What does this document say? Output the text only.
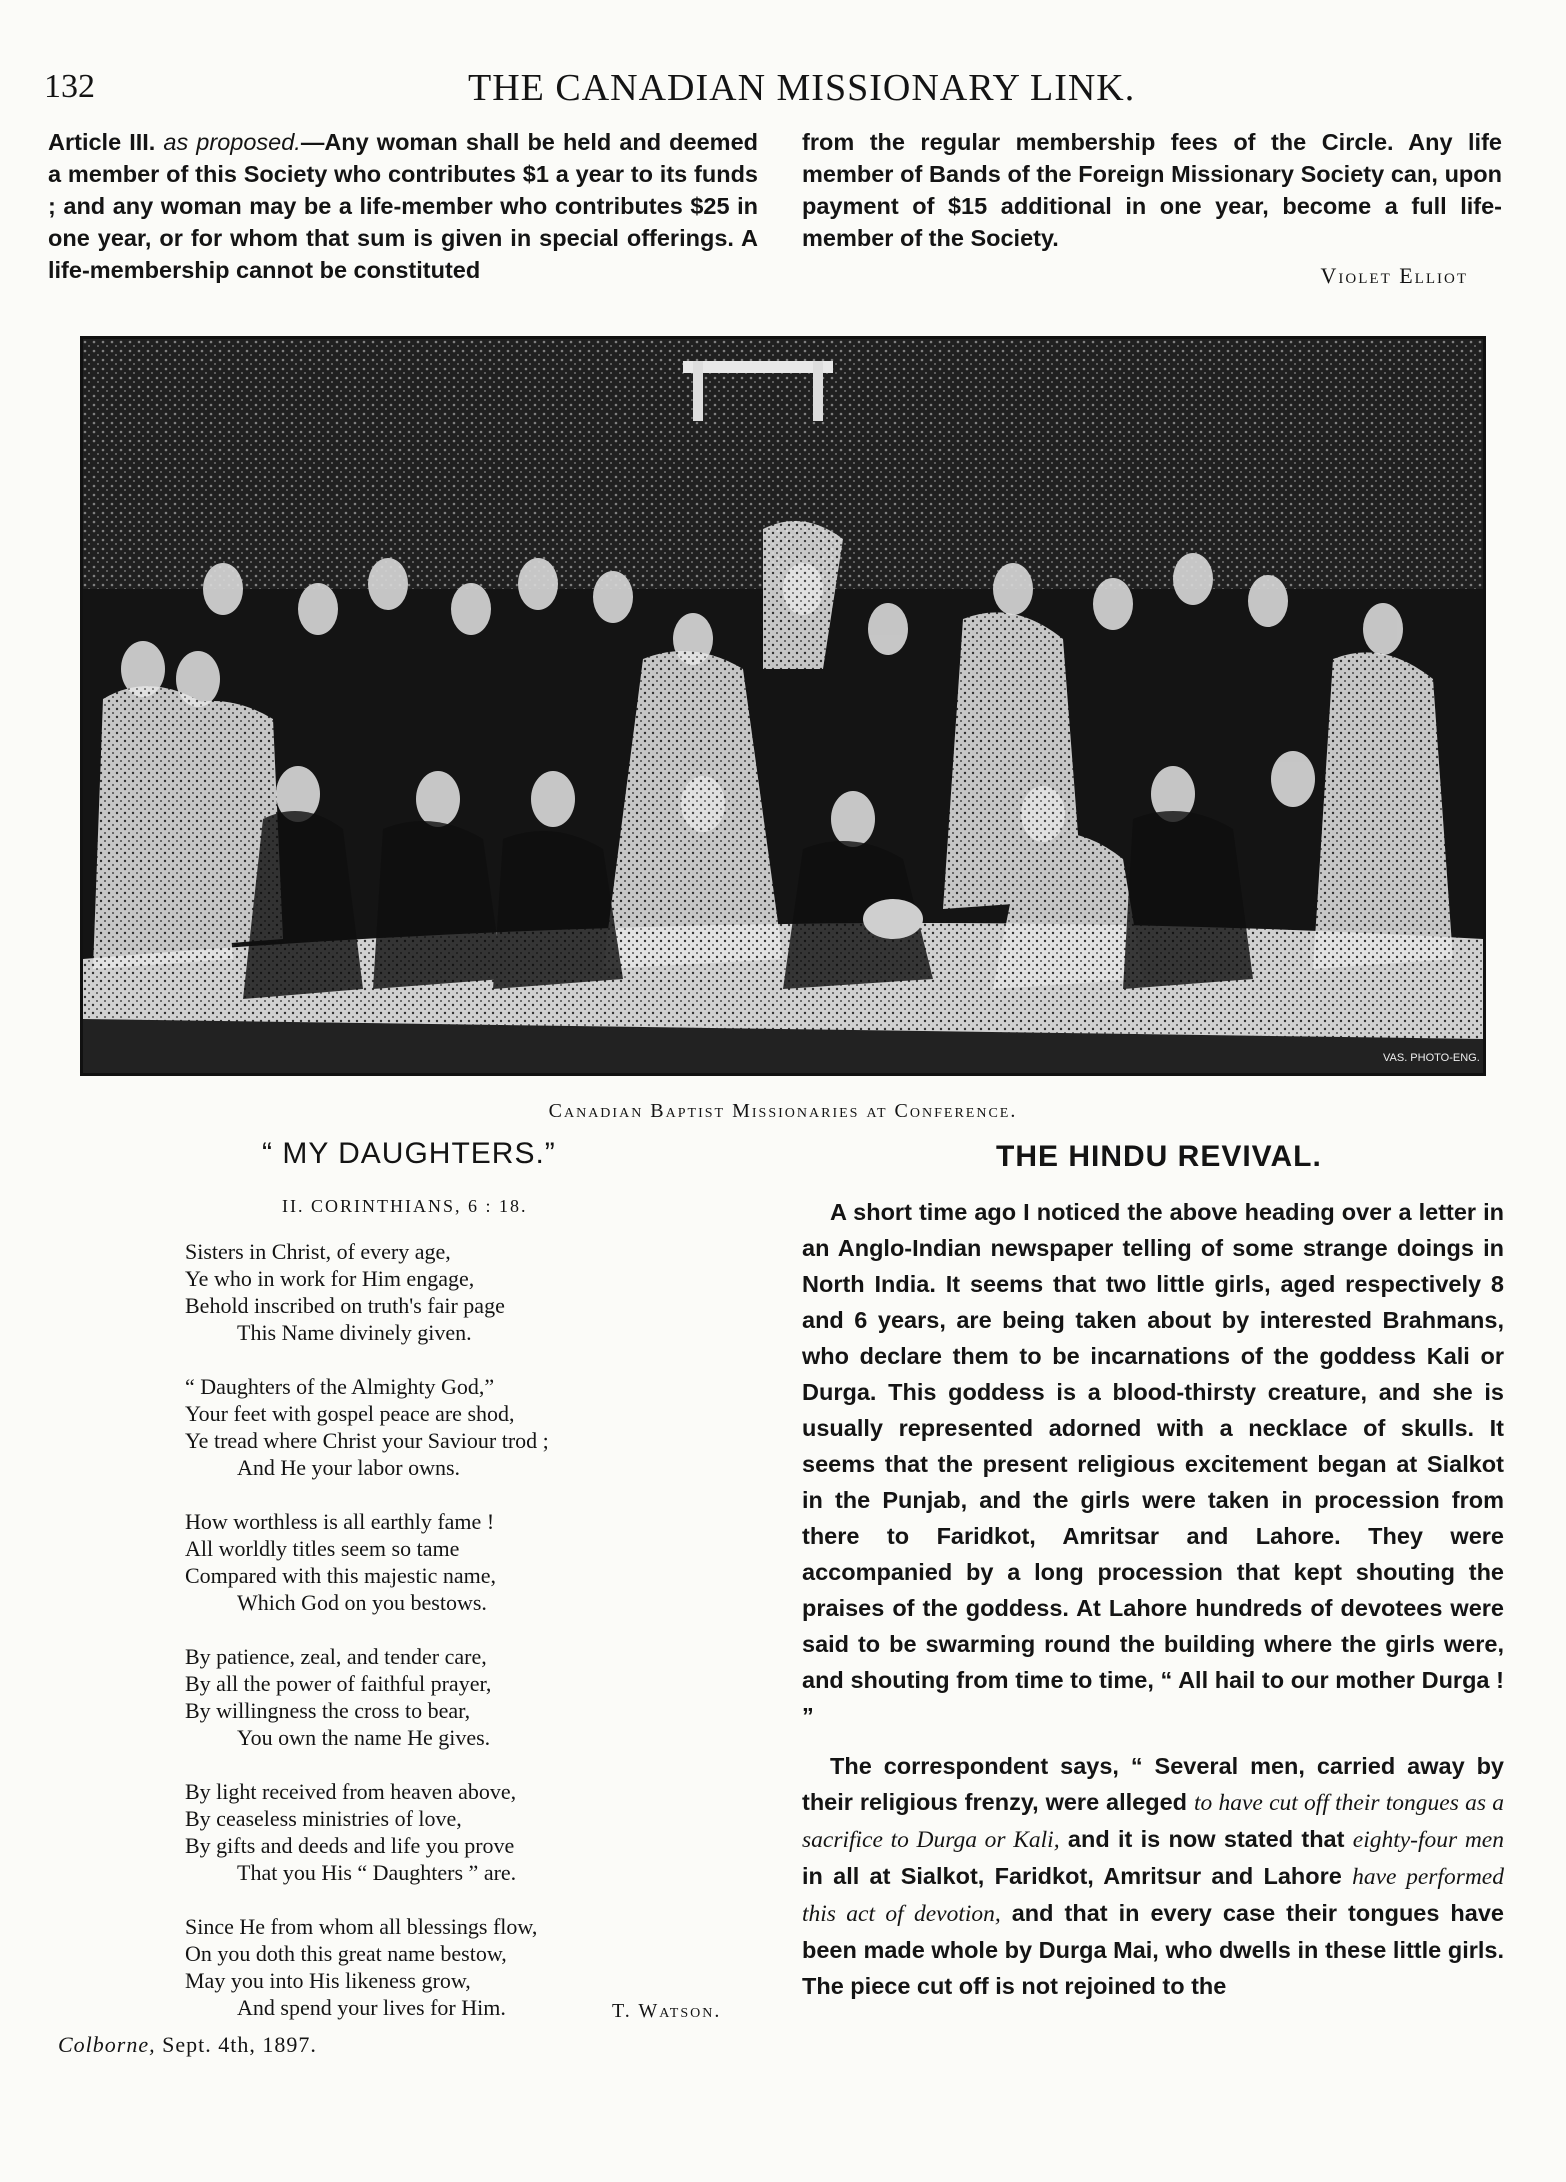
132	THE CANADIAN MISSIONARY LINK.
Article III. as proposed.—Any woman shall be held and deemed a member of this Society who contributes $1 a year to its funds ; and any woman may be a life-member who contributes $25 in one year, or for whom that sum is given in special offerings. A life-membership cannot be constituted
from the regular membership fees of the Circle. Any life member of Bands of the Foreign Missionary Society can, upon payment of $15 additional in one year, become a full life-member of the Society.
Violet Elliot
VAS. PHOTO-ENG.
Canadian Baptist Missionaries at Conference.
“ MY DAUGHTERS.”
II. CORINTHIANS, 6 : 18.
Sisters in Christ, of every age,
Ye who in work for Him engage,
Behold inscribed on truth's fair page
This Name divinely given.
“ Daughters of the Almighty God,”
Your feet with gospel peace are shod,
Ye tread where Christ your Saviour trod ;
And He your labor owns.
How worthless is all earthly fame !
All worldly titles seem so tame
Compared with this majestic name,
Which God on you bestows.
By patience, zeal, and tender care,
By all the power of faithful prayer,
By willingness the cross to bear,
You own the name He gives.
By light received from heaven above,
By ceaseless ministries of love,
By gifts and deeds and life you prove
That you His “ Daughters ” are.
Since He from whom all blessings flow,
On you doth this great name bestow,
May you into His likeness grow,
And spend your lives for Him.	T. Watson.
Colborne, Sept. 4th, 1897.
THE HINDU REVIVAL.

A short time ago I noticed the above heading over a letter in an Anglo-Indian newspaper telling of some strange doings in North India. It seems that two little girls, aged respectively 8 and 6 years, are being taken about by interested Brahmans, who declare them to be incarnations of the goddess Kali or Durga. This goddess is a blood-thirsty creature, and she is usually represented adorned with a necklace of skulls. It seems that the present religious excitement began at Sialkot in the Punjab, and the girls were taken in procession from there to Faridkot, Amritsar and Lahore. They were accompanied by a long procession that kept shouting the praises of the goddess. At Lahore hundreds of devotees were said to be swarming round the building where the girls were, and shouting from time to time, “ All hail to our mother Durga ! ”

The correspondent says, “ Several men, carried away by their religious frenzy, were alleged to have cut off their tongues as a sacrifice to Durga or Kali, and it is now stated that eighty-four men in all at Sialkot, Faridkot, Amritsur and Lahore have performed this act of devotion, and that in every case their tongues have been made whole by Durga Mai, who dwells in these little girls. The piece cut off is not rejoined to the
